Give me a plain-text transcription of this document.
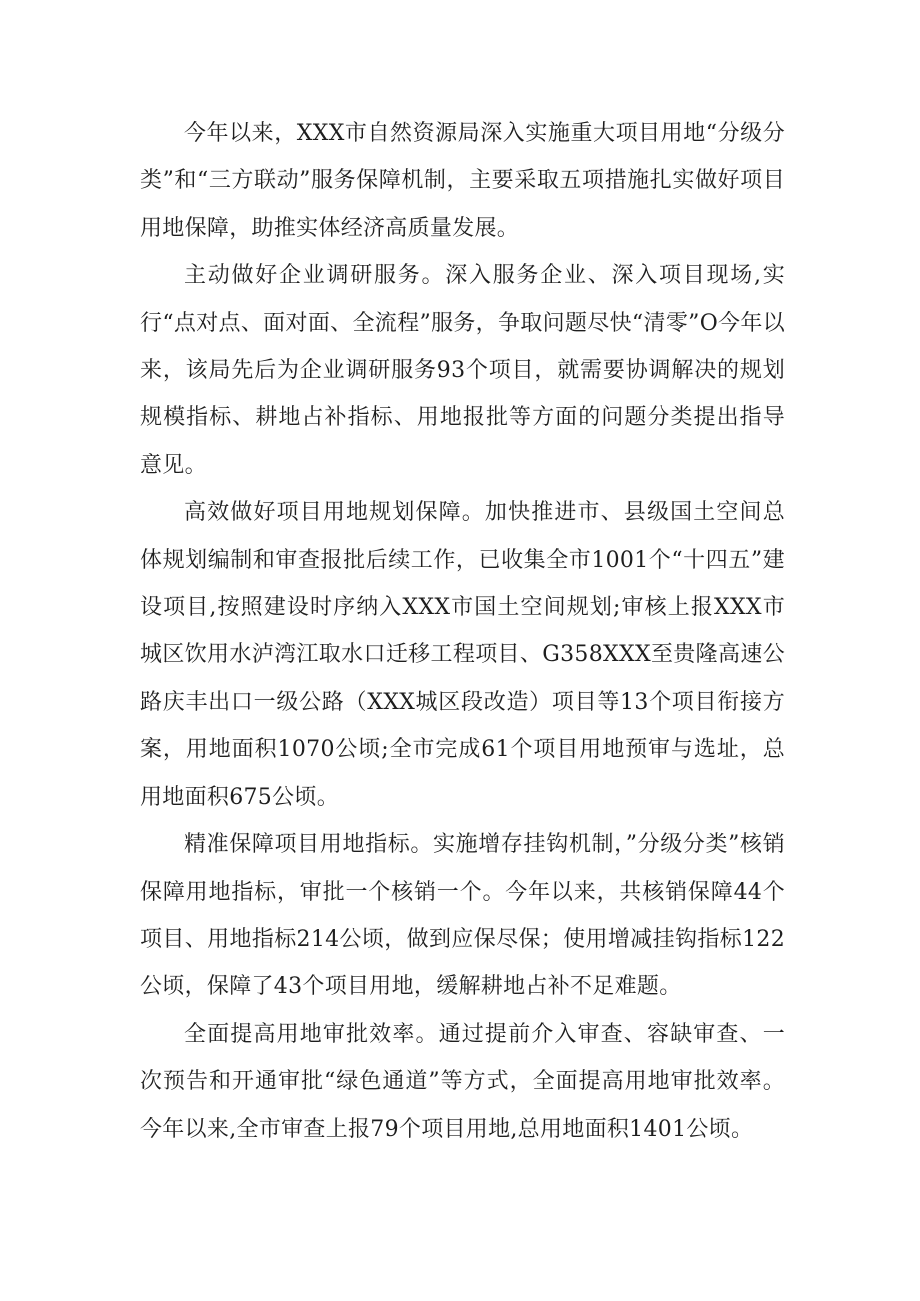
今年以来，XXX市自然资源局深入实施重大项目用地“分级分类”和“三方联动”服务保障机制，主要采取五项措施扎实做好项目用地保障，助推实体经济高质量发展。

主动做好企业调研服务。深入服务企业、深入项目现场,实行“点对点、面对面、全流程”服务，争取问题尽快“清零”O今年以来，该局先后为企业调研服务93个项目，就需要协调解决的规划规模指标、耕地占补指标、用地报批等方面的问题分类提出指导意见。

高效做好项目用地规划保障。加快推进市、县级国土空间总体规划编制和审查报批后续工作，已收集全市1001个“十四五”建设项目,按照建设时序纳入XXX市国土空间规划;审核上报XXX市城区饮用水泸湾江取水口迁移工程项目、G358XXX至贵隆高速公路庆丰出口一级公路（XXX城区段改造）项目等13个项目衔接方案，用地面积1070公顷;全市完成61个项目用地预审与选址，总用地面积675公顷。

精准保障项目用地指标。实施增存挂钩机制，”分级分类”核销保障用地指标，审批一个核销一个。今年以来，共核销保障44个项目、用地指标214公顷，做到应保尽保；使用增减挂钩指标122公顷，保障了43个项目用地，缓解耕地占补不足难题。

全面提高用地审批效率。通过提前介入审查、容缺审查、一次预告和开通审批“绿色通道”等方式，全面提高用地审批效率。今年以来,全市审查上报79个项目用地,总用地面积1401公顷。
